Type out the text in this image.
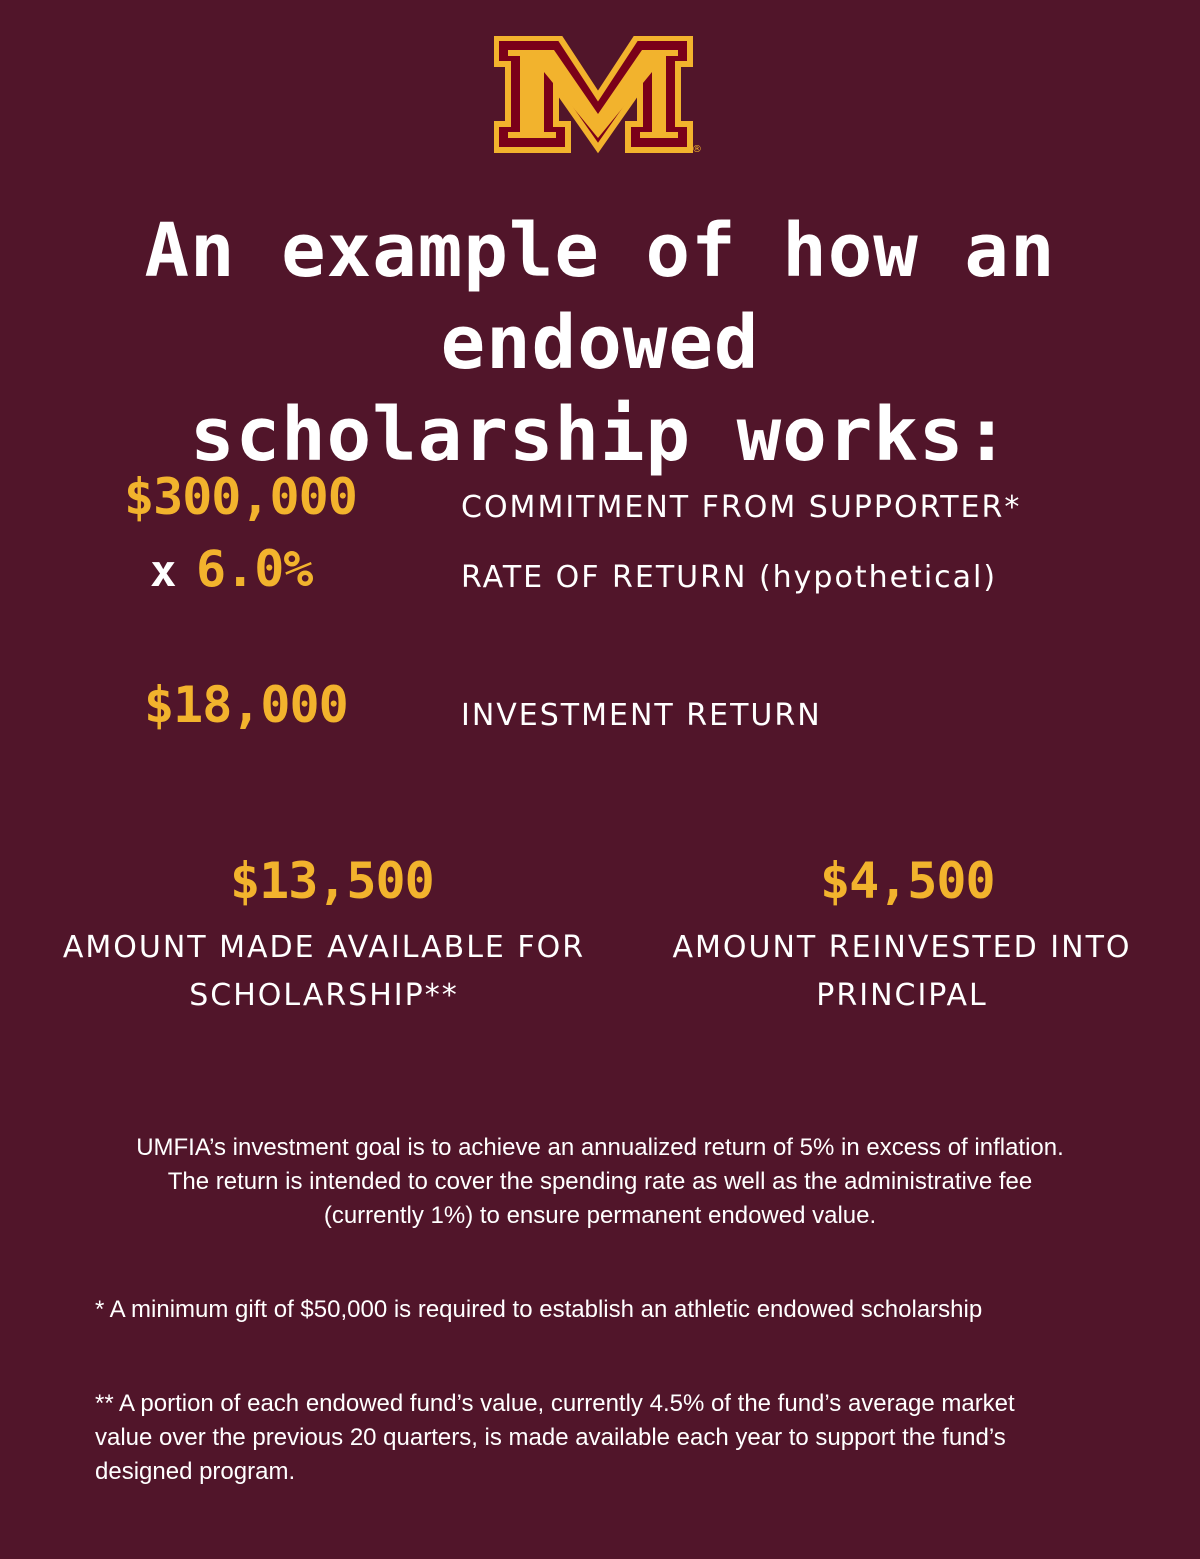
®
An example of how an endowed
scholarship works:
$300,000	COMMITMENT FROM SUPPORTER*
x 6.0%	RATE OF RETURN (hypothetical)
$18,000	INVESTMENT RETURN
$13,500
AMOUNT MADE AVAILABLE FOR
SCHOLARSHIP**
$4,500
AMOUNT REINVESTED INTO
PRINCIPAL
UMFIA’s investment goal is to achieve an annualized return of 5% in excess of inflation.
The return is intended to cover the spending rate as well as the administrative fee
(currently 1%) to ensure permanent endowed value.
* A minimum gift of $50,000 is required to establish an athletic endowed scholarship
** A portion of each endowed fund’s value, currently 4.5% of the fund’s average market
value over the previous 20 quarters, is made available each year to support the fund’s
designed program.
